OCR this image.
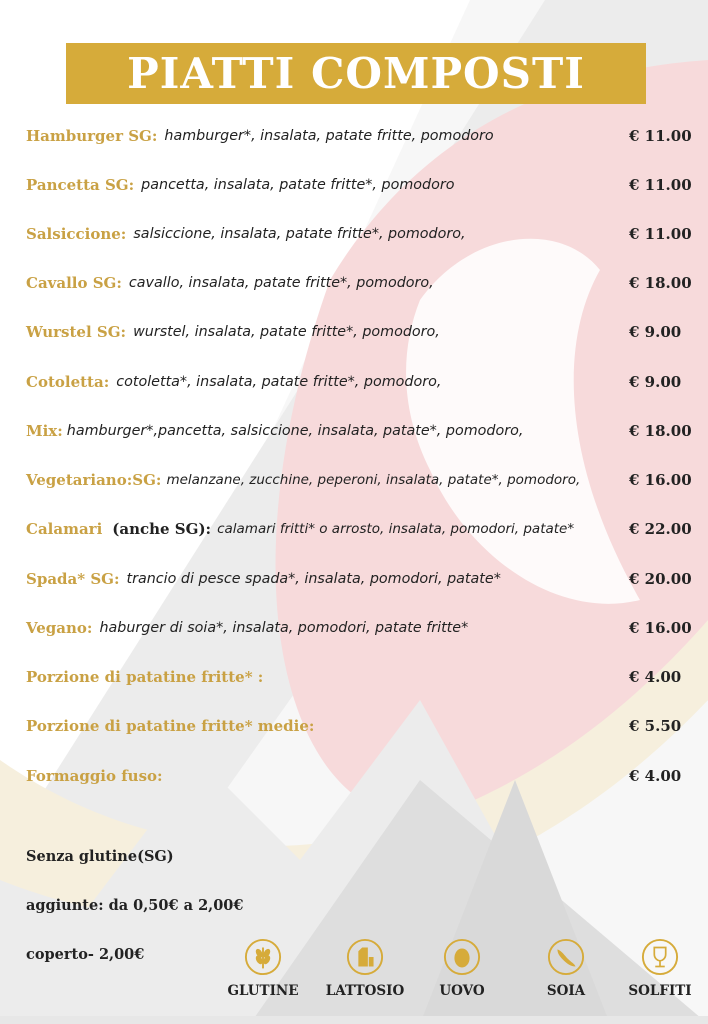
PIATTI COMPOSTI
Hamburger SG: hamburger*, insalata, patate fritte, pomodoro	€ 11.00
Pancetta SG: pancetta, insalata, patate fritte*, pomodoro	€ 11.00
Salsiccione: salsiccione, insalata, patate fritte*, pomodoro,	€ 11.00
Cavallo SG: cavallo, insalata, patate fritte*, pomodoro,	€ 18.00
Wurstel SG: wurstel, insalata, patate fritte*, pomodoro,	€ 9.00
Cotoletta: cotoletta*, insalata, patate fritte*, pomodoro,	€ 9.00
Mix: hamburger*,pancetta, salsiccione, insalata, patate*, pomodoro,	€ 18.00
Vegetariano:SG: melanzane, zucchine, peperoni, insalata, patate*, pomodoro,	€ 16.00
Calamari (anche SG): calamari fritti* o arrosto, insalata, pomodori, patate*	€ 22.00
Spada* SG: trancio di pesce spada*, insalata, pomodori, patate*	€ 20.00
Vegano: haburger di soia*, insalata, pomodori, patate fritte*	€ 16.00
Porzione di patatine fritte* :	€ 4.00
Porzione di patatine fritte* medie:	€ 5.50
Formaggio fuso:	€ 4.00
Senza glutine(SG)
aggiunte: da 0,50€ a 2,00€
coperto- 2,00€
GLUTINE LATTOSIO	UOVO	SOIA	SOLFITI
